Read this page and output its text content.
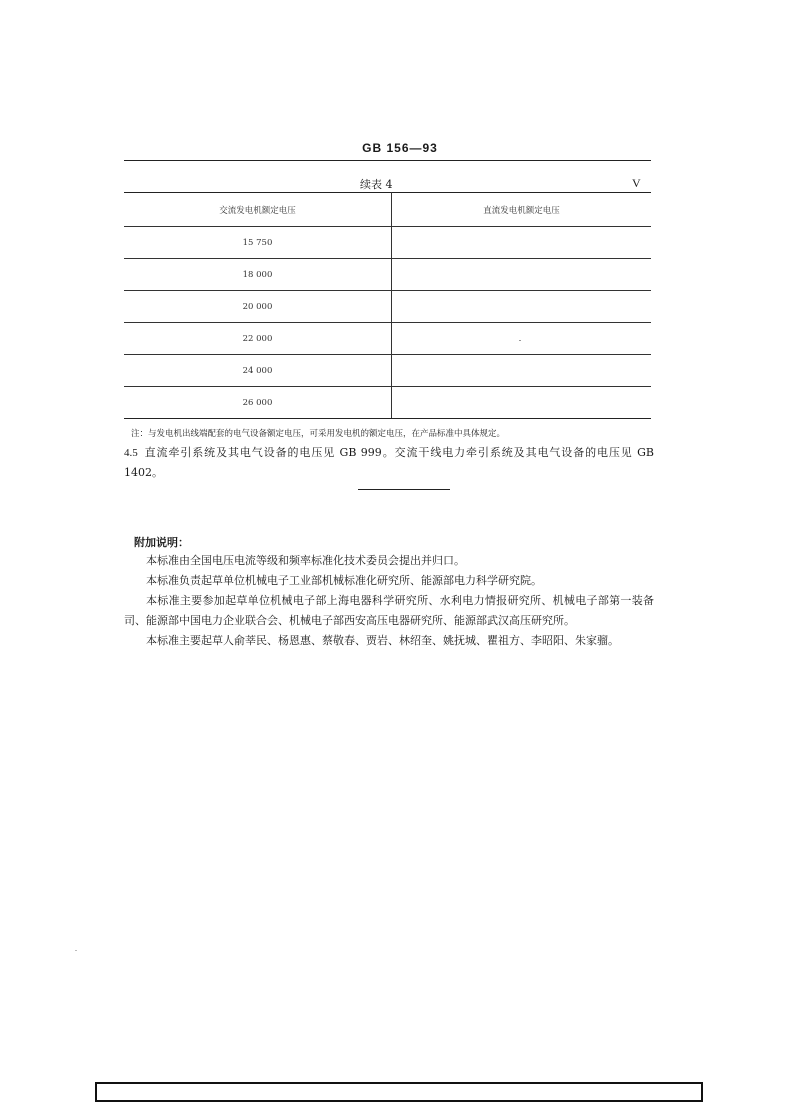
GB 156—93
续表 4	V
交流发电机额定电压	直流发电机额定电压
15 750	
18 000	
20 000	
22 000	
24 000	
26 000	
注：与发电机出线端配套的电气设备额定电压，可采用发电机的额定电压，在产品标准中具体规定。
4.5 直流牵引系统及其电气设备的电压见 GB 999。交流干线电力牵引系统及其电气设备的电压见 GB 1402。
附加说明：

本标准由全国电压电流等级和频率标准化技术委员会提出并归口。

本标准负责起草单位机械电子工业部机械标准化研究所、能源部电力科学研究院。

本标准主要参加起草单位机械电子部上海电器科学研究所、水利电力情报研究所、机械电子部第一装备司、能源部中国电力企业联合会、机械电子部西安高压电器研究所、能源部武汉高压研究所。

本标准主要起草人俞莘民、杨恩惠、蔡敬春、贾岩、林绍奎、姚抚城、瞿祖方、李昭阳、朱家骝。
